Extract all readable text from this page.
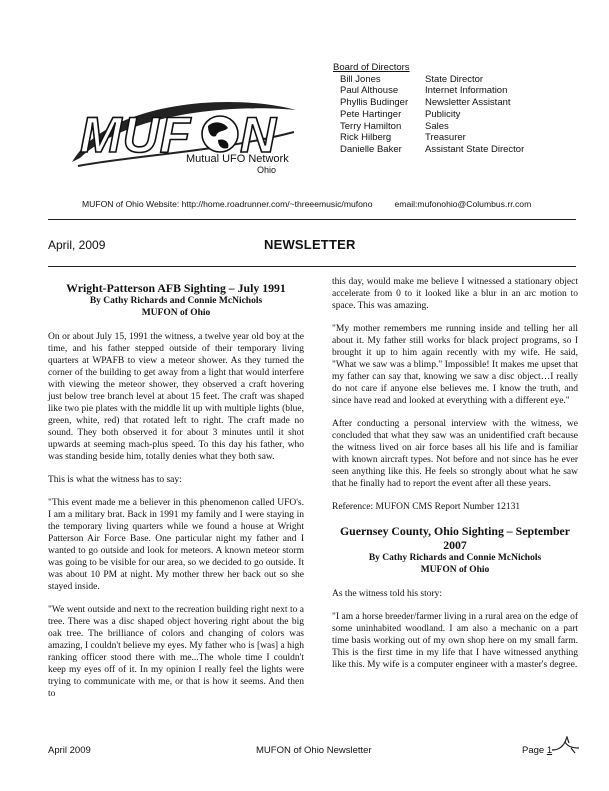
MUF N
Mutual UFO Network
Ohio
Board of Directors
Bill Jones	State Director
Paul Althouse	Internet Information
Phyllis Budinger	Newsletter Assistant
Pete Hartinger	Publicity
Terry Hamilton	Sales
Rick Hilberg	Treasurer
Danielle Baker	Assistant State Director
MUFON of Ohio Website: http://home.roadrunner.com/~threeemusic/mufono	email:mufonohio@Columbus.rr.com
April, 2009	NEWSLETTER
Wright-Patterson AFB Sighting – July 1991
By Cathy Richards and Connie McNichols
MUFON of Ohio

On or about July 15, 1991 the witness, a twelve year old boy at the time, and his father stepped outside of their temporary living quarters at WPAFB to view a meteor shower. As they turned the corner of the building to get away from a light that would interfere with viewing the meteor shower, they observed a craft hovering just below tree branch level at about 15 feet. The craft was shaped like two pie plates with the middle lit up with multiple lights (blue, green, white, red) that rotated left to right. The craft made no sound. They both observed it for about 3 minutes until it shot upwards at seeming mach-plus speed. To this day his father, who was standing beside him, totally denies what they both saw.

This is what the witness has to say:

"This event made me a believer in this phenomenon called UFO's. I am a military brat. Back in 1991 my family and I were staying in the temporary living quarters while we found a house at Wright Patterson Air Force Base. One particular night my father and I wanted to go outside and look for meteors. A known meteor storm was going to be visible for our area, so we decided to go outside. It was about 10 PM at night. My mother threw her back out so she stayed inside.

"We went outside and next to the recreation building right next to a tree. There was a disc shaped object hovering right about the big oak tree. The brilliance of colors and changing of colors was amazing, I couldn't believe my eyes. My father who is [was] a high ranking officer stood there with me...The whole time I couldn't keep my eyes off of it. In my opinion I really feel the lights were trying to communicate with me, or that is how it seems. And then to

this day, would make me believe I witnessed a stationary object accelerate from 0 to it looked like a blur in an arc motion to space. This was amazing.

"My mother remembers me running inside and telling her all about it. My father still works for black project programs, so I brought it up to him again recently with my wife. He said, "What we saw was a blimp." Impossible! It makes me upset that my father can say that, knowing we saw a disc object…I really do not care if anyone else believes me. I know the truth, and since have read and looked at everything with a different eye."

After conducting a personal interview with the witness, we concluded that what they saw was an unidentified craft because the witness lived on air force bases all his life and is familiar with known aircraft types. Not before and not since has he ever seen anything like this. He feels so strongly about what he saw that he finally had to report the event after all these years.

Reference: MUFON CMS Report Number 12131

Guernsey County, Ohio Sighting – September 2007
By Cathy Richards and Connie McNichols
MUFON of Ohio

As the witness told his story:

"I am a horse breeder/farmer living in a rural area on the edge of some uninhabited woodland. I am also a mechanic on a part time basis working out of my own shop here on my small farm. This is the first time in my life that I have witnessed anything like this. My wife is a computer engineer with a master's degree.

April 2009	MUFON of Ohio Newsletter	Page 1
